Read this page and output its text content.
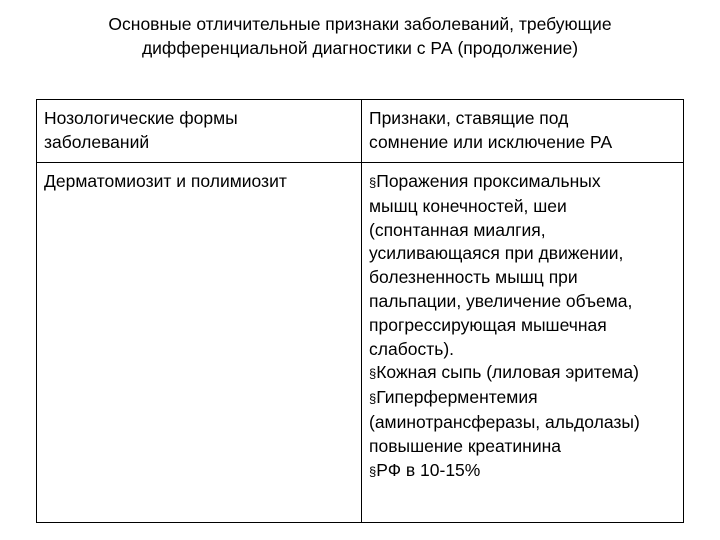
Основные отличительные признаки заболеваний, требующие
дифференциальной диагностики с РА (продолжение)
Нозологические формы
заболеваний
Признаки, ставящие под
сомнение или исключение РА
Дерматомиозит и полимиозит	§Поражения проксимальных
мышц конечностей, шеи
(спонтанная миалгия,
усиливающаяся при движении,
болезненность мышц при
пальпации, увеличение объема,
прогрессирующая мышечная
слабость).
§Кожная сыпь (лиловая эритема)
§Гиперферментемия
(аминотрансферазы, альдолазы)
повышение креатинина
§РФ в 10-15%
